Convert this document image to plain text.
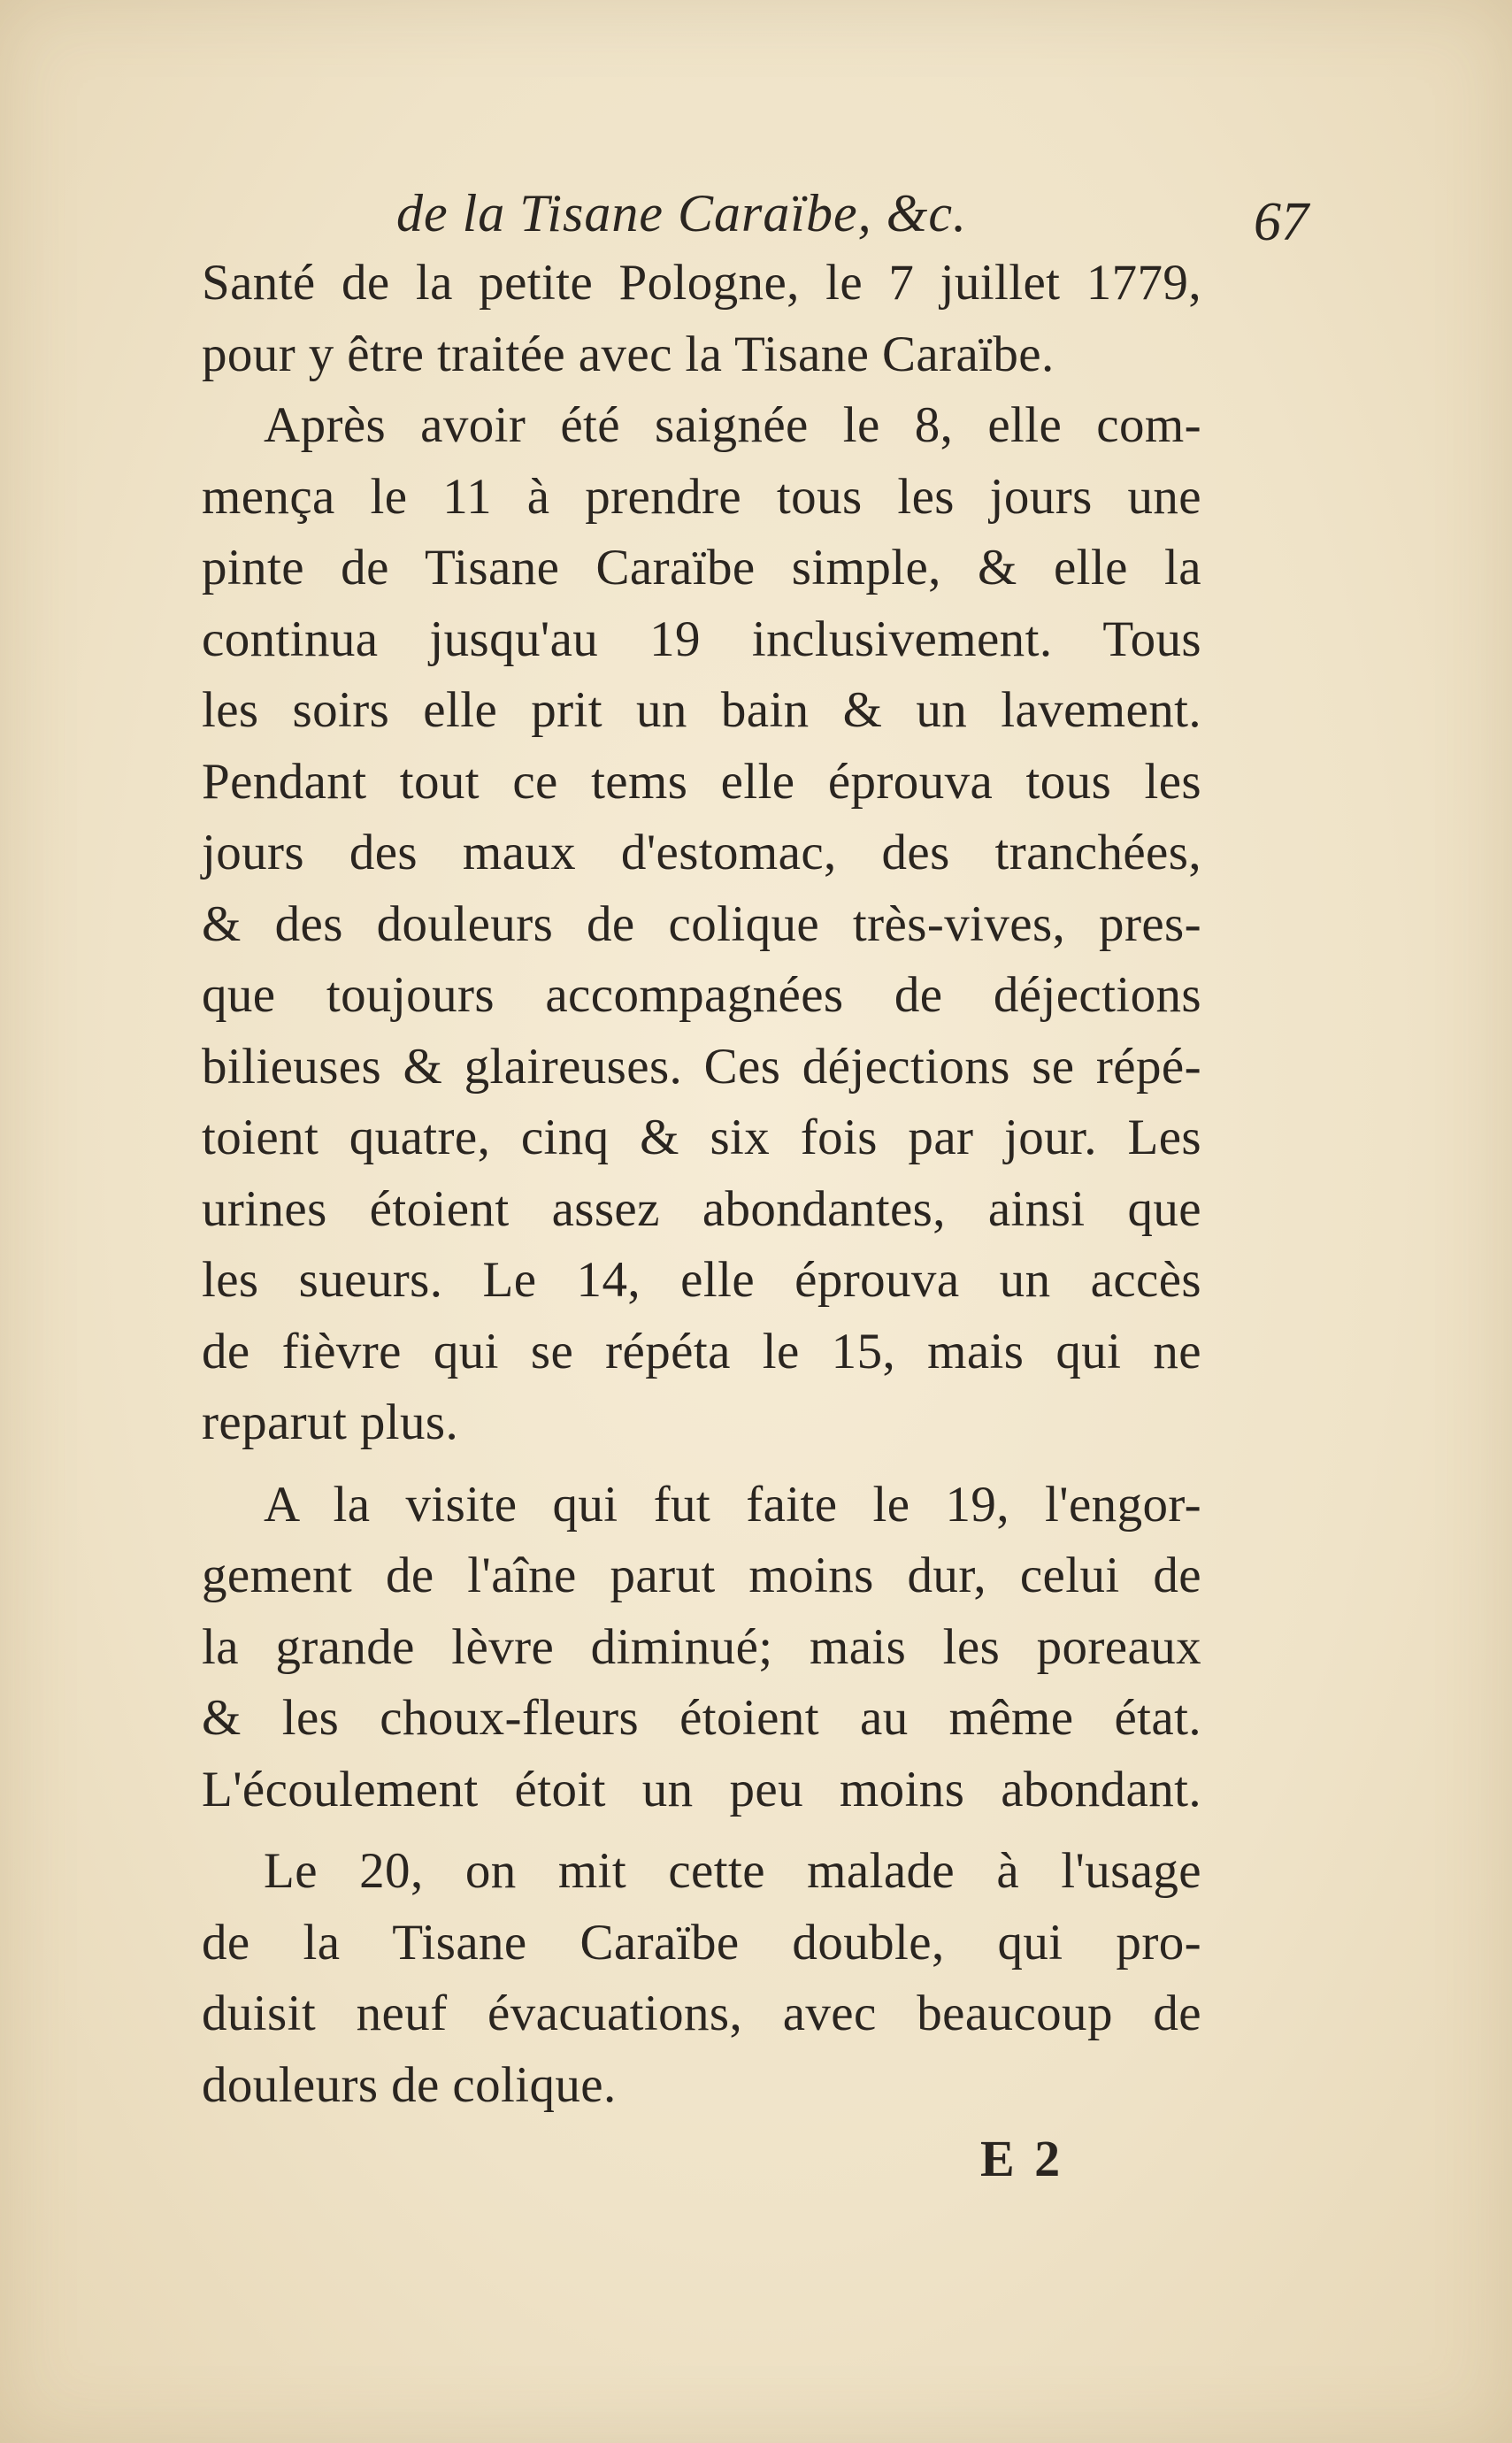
de la Tisane Caraïbe, &c.	67
Santé de la petite Pologne, le 7 juillet 1779,
pour y être traitée avec la Tisane Caraïbe.
Après avoir été saignée le 8, elle com-
mença le 11 à prendre tous les jours une
pinte de Tisane Caraïbe simple, & elle la
continua jusqu'au 19 inclusivement. Tous
les soirs elle prit un bain & un lavement.
Pendant tout ce tems elle éprouva tous les
jours des maux d'estomac, des tranchées,
& des douleurs de colique très-vives, pres-
que toujours accompagnées de déjections
bilieuses & glaireuses. Ces déjections se répé-
toient quatre, cinq & six fois par jour. Les
urines étoient assez abondantes, ainsi que
les sueurs. Le 14, elle éprouva un accès
de fièvre qui se répéta le 15, mais qui ne
reparut plus.
A la visite qui fut faite le 19, l'engor-
gement de l'aîne parut moins dur, celui de
la grande lèvre diminué; mais les poreaux
& les choux-fleurs étoient au même état.
L'écoulement étoit un peu moins abondant.
Le 20, on mit cette malade à l'usage
de la Tisane Caraïbe double, qui pro-
duisit neuf évacuations, avec beaucoup de
douleurs de colique.
E 2
